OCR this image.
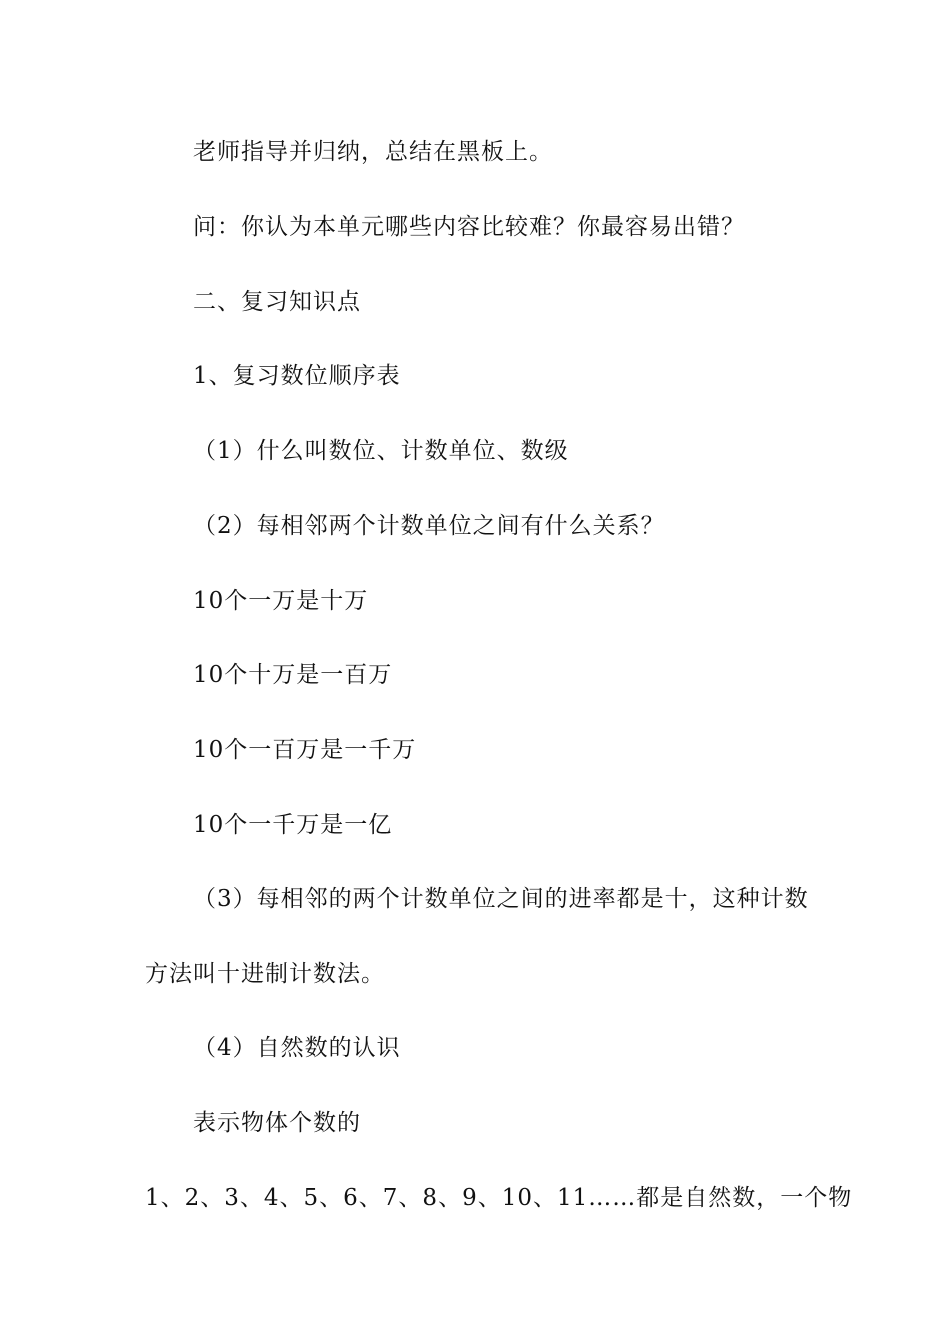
老师指导并归纳，总结在黑板上。
问：你认为本单元哪些内容比较难？你最容易出错？
二、复习知识点
1、复习数位顺序表
（1）什么叫数位、计数单位、数级
（2）每相邻两个计数单位之间有什么关系？
10个一万是十万
10个十万是一百万
10个一百万是一千万
10个一千万是一亿
（3）每相邻的两个计数单位之间的进率都是十，这种计数
方法叫十进制计数法。
（4）自然数的认识
表示物体个数的
1、2、3、4、5、6、7、8、9、10、11……都是自然数，一个物
